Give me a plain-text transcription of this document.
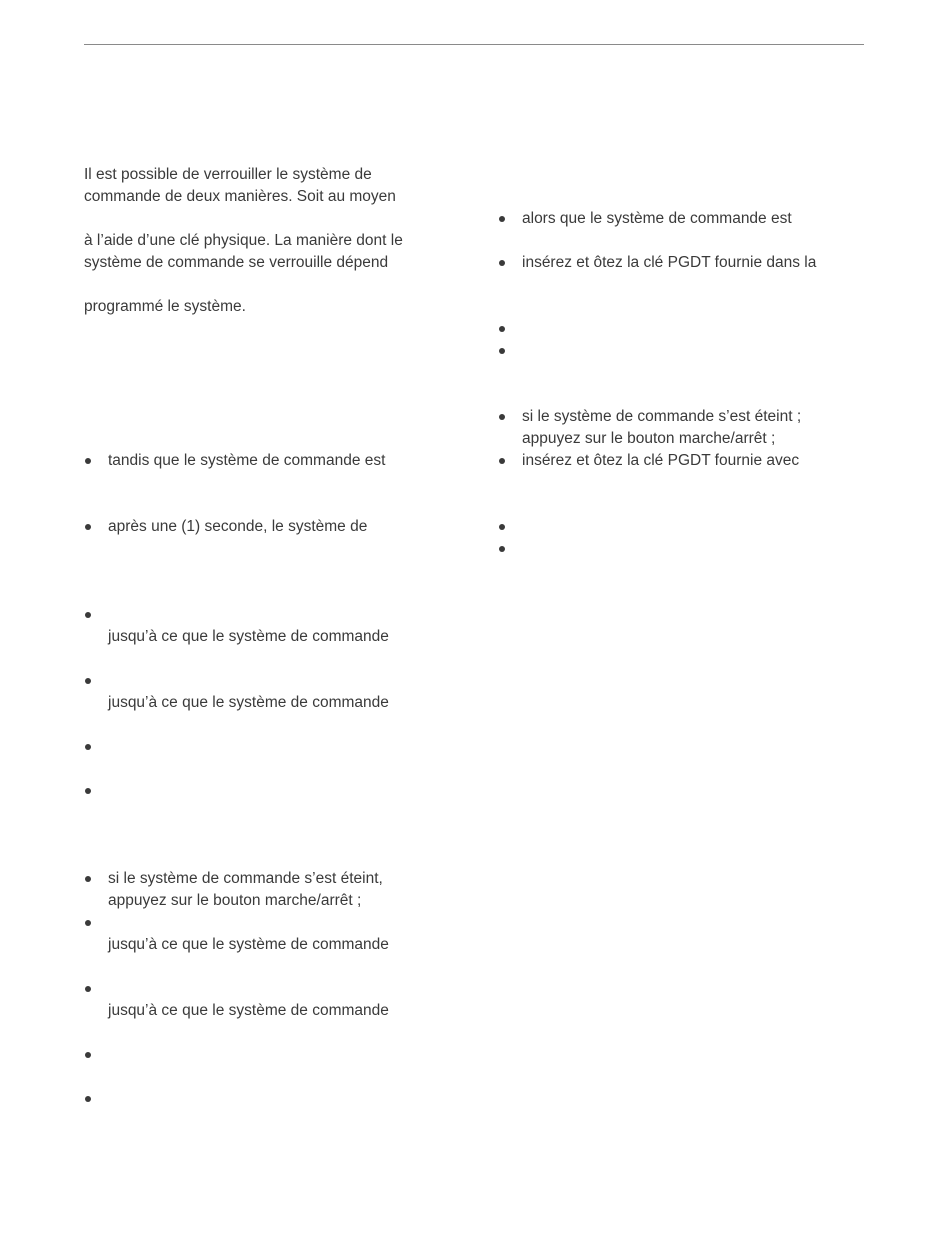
Il est possible de verrouiller le système de
commande de deux manières. Soit au moyen
à l’aide d’une clé physique. La manière dont le
système de commande se verrouille dépend
programmé le système.
tandis que le système de commande est
après une (1) seconde, le système de
jusqu’à ce que le système de commande
jusqu’à ce que le système de commande
si le système de commande s’est éteint,
appuyez sur le bouton marche/arrêt ;
jusqu’à ce que le système de commande
jusqu’à ce que le système de commande
alors que le système de commande est
insérez et ôtez la clé PGDT fournie dans la
si le système de commande s’est éteint ;
appuyez sur le bouton marche/arrêt ;
insérez et ôtez la clé PGDT fournie avec
